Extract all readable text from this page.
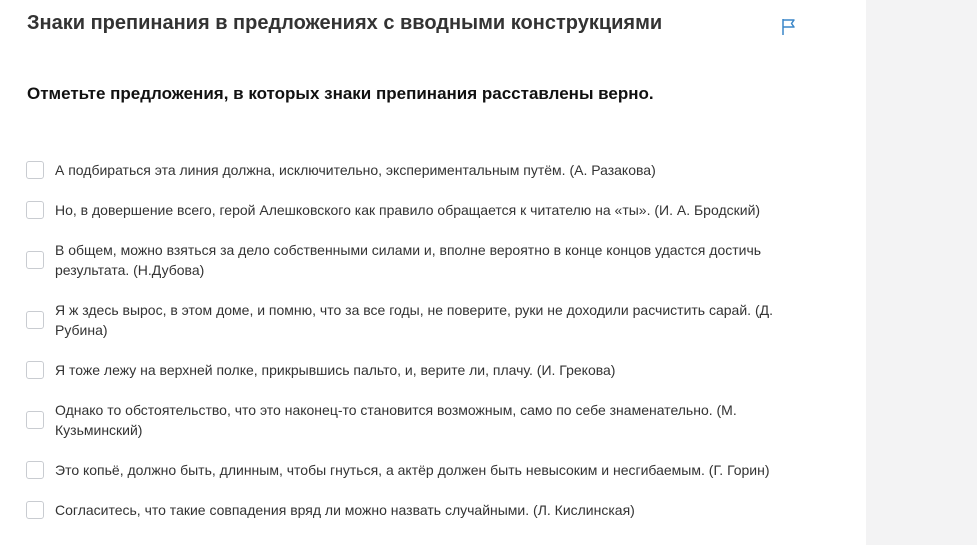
Знаки препинания в предложениях с вводными конструкциями

Отметьте предложения, в которых знаки препинания расставлены верно.

А подбираться эта линия должна, исключительно, экспериментальным путём. (А. Разакова)
Но, в довершение всего, герой Алешковского как правило обращается к читателю на «ты». (И. А. Бродский)
В общем, можно взяться за дело собственными силами и, вполне вероятно в конце концов удастся достичь результата. (Н.Дубова)
Я ж здесь вырос, в этом доме, и помню, что за все годы, не поверите, руки не доходили расчистить сарай. (Д. Рубина)
Я тоже лежу на верхней полке, прикрывшись пальто, и, верите ли, плачу. (И. Грекова)
Однако то обстоятельство, что это наконец-то становится возможным, само по себе знаменательно. (М. Кузьминский)
Это копьё, должно быть, длинным, чтобы гнуться, а актёр должен быть невысоким и несгибаемым. (Г. Горин)
Согласитесь, что такие совпадения вряд ли можно назвать случайными. (Л. Кислинская)
